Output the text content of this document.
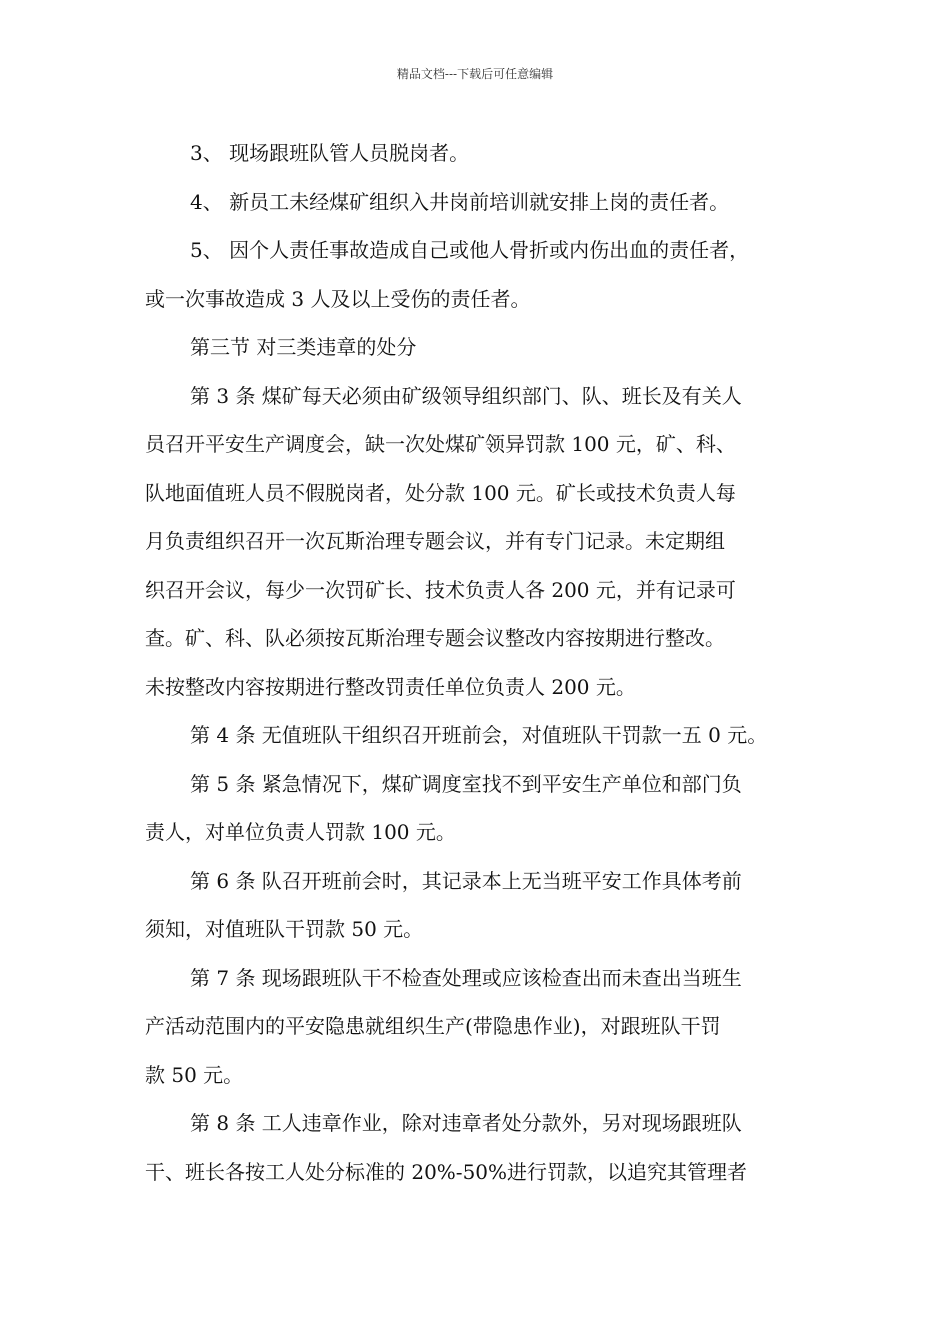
精品文档---下载后可任意编辑
3、 现场跟班队管人员脱岗者。
4、 新员工未经煤矿组织入井岗前培训就安排上岗的责任者。
5、 因个人责任事故造成自己或他人骨折或内伤出血的责任者，
或一次事故造成 3 人及以上受伤的责任者。
第三节 对三类违章的处分
第 3 条 煤矿每天必须由矿级领导组织部门、队、班长及有关人
员召开平安生产调度会，缺一次处煤矿领异罚款 100 元，矿、科、
队地面值班人员不假脱岗者，处分款 100 元。矿长或技术负责人每
月负责组织召开一次瓦斯治理专题会议，并有专门记录。未定期组
织召开会议，每少一次罚矿长、技术负责人各 200 元，并有记录可
查。矿、科、队必须按瓦斯治理专题会议整改内容按期进行整改。
未按整改内容按期进行整改罚责任单位负责人 200 元。
第 4 条 无值班队干组织召开班前会，对值班队干罚款一五 0 元。
第 5 条 紧急情况下，煤矿调度室找不到平安生产单位和部门负
责人，对单位负责人罚款 100 元。
第 6 条 队召开班前会时，其记录本上无当班平安工作具体考前
须知，对值班队干罚款 50 元。
第 7 条 现场跟班队干不检查处理或应该检查出而未查出当班生
产活动范围内的平安隐患就组织生产(带隐患作业)，对跟班队干罚
款 50 元。
第 8 条 工人违章作业，除对违章者处分款外，另对现场跟班队
干、班长各按工人处分标准的 20%-50%进行罚款，以追究其管理者
